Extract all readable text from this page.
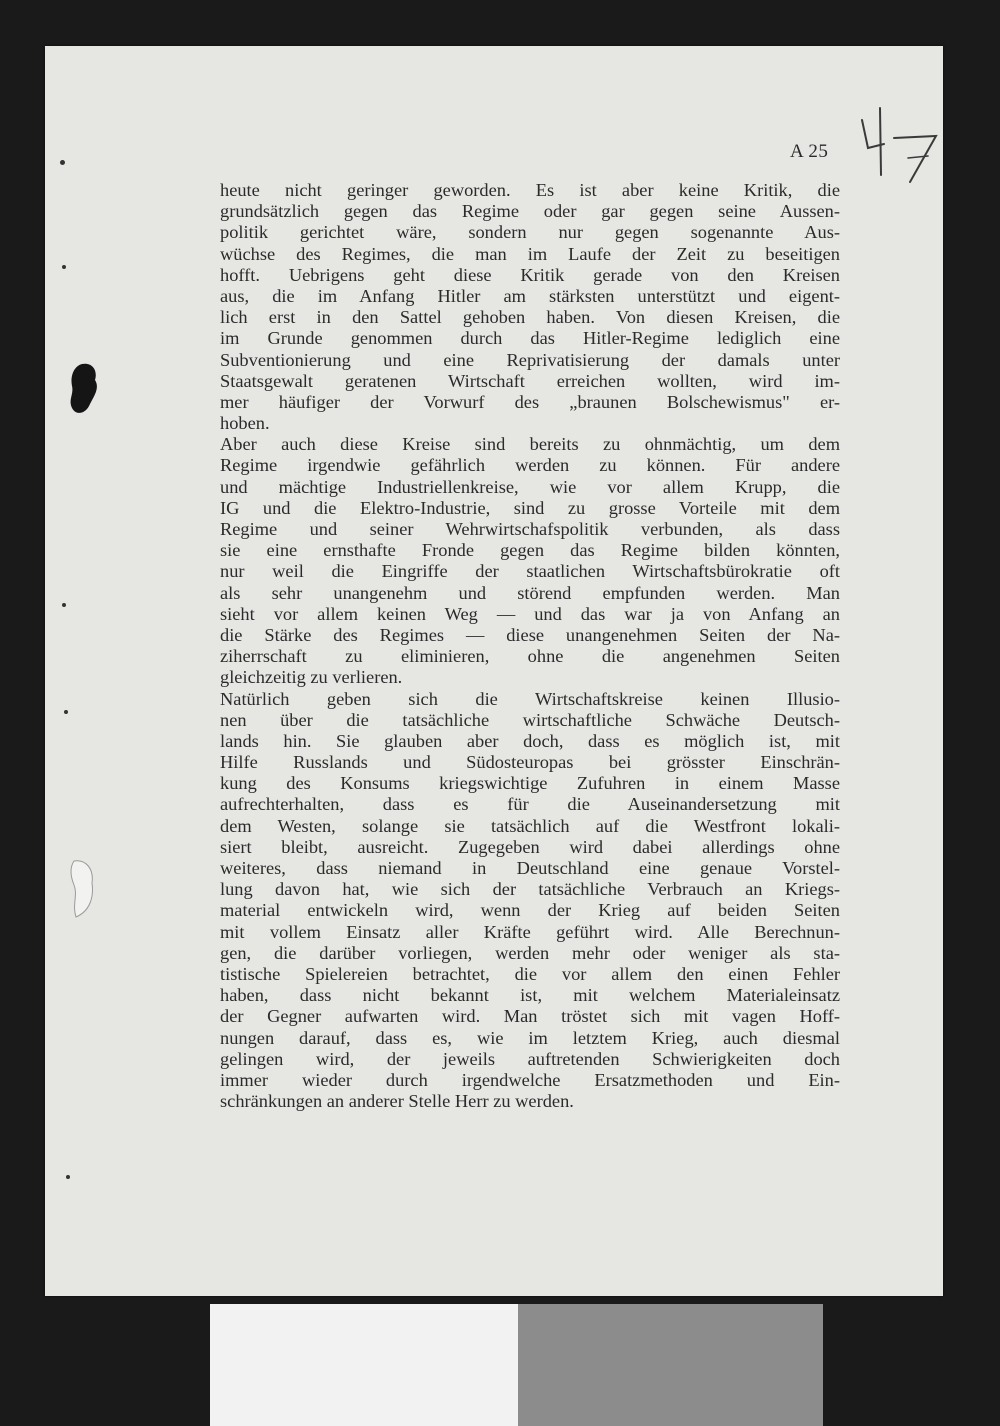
A 25
heute nicht geringer geworden. Es ist aber keine Kritik, die
grundsätzlich gegen das Regime oder gar gegen seine Aussen-
politik gerichtet wäre, sondern nur gegen sogenannte Aus-
wüchse des Regimes, die man im Laufe der Zeit zu beseitigen
hofft. Uebrigens geht diese Kritik gerade von den Kreisen
aus, die im Anfang Hitler am stärksten unterstützt und eigent-
lich erst in den Sattel gehoben haben. Von diesen Kreisen, die
im Grunde genommen durch das Hitler-Regime lediglich eine
Subventionierung und eine Reprivatisierung der damals unter
Staatsgewalt geratenen Wirtschaft erreichen wollten, wird im-
mer häufiger der Vorwurf des „braunen Bolschewismus" er-
hoben.
Aber auch diese Kreise sind bereits zu ohnmächtig, um dem
Regime irgendwie gefährlich werden zu können. Für andere
und mächtige Industriellenkreise, wie vor allem Krupp, die
IG und die Elektro-Industrie, sind zu grosse Vorteile mit dem
Regime und seiner Wehrwirtschafspolitik verbunden, als dass
sie eine ernsthafte Fronde gegen das Regime bilden könnten,
nur weil die Eingriffe der staatlichen Wirtschaftsbürokratie oft
als sehr unangenehm und störend empfunden werden. Man
sieht vor allem keinen Weg — und das war ja von Anfang an
die Stärke des Regimes — diese unangenehmen Seiten der Na-
ziherrschaft zu eliminieren, ohne die angenehmen Seiten
gleichzeitig zu verlieren.
Natürlich geben sich die Wirtschaftskreise keinen Illusio-
nen über die tatsächliche wirtschaftliche Schwäche Deutsch-
lands hin. Sie glauben aber doch, dass es möglich ist, mit
Hilfe Russlands und Südosteuropas bei grösster Einschrän-
kung des Konsums kriegswichtige Zufuhren in einem Masse
aufrechterhalten, dass es für die Auseinandersetzung mit
dem Westen, solange sie tatsächlich auf die Westfront lokali-
siert bleibt, ausreicht. Zugegeben wird dabei allerdings ohne
weiteres, dass niemand in Deutschland eine genaue Vorstel-
lung davon hat, wie sich der tatsächliche Verbrauch an Kriegs-
material entwickeln wird, wenn der Krieg auf beiden Seiten
mit vollem Einsatz aller Kräfte geführt wird. Alle Berechnun-
gen, die darüber vorliegen, werden mehr oder weniger als sta-
tistische Spielereien betrachtet, die vor allem den einen Fehler
haben, dass nicht bekannt ist, mit welchem Materialeinsatz
der Gegner aufwarten wird. Man tröstet sich mit vagen Hoff-
nungen darauf, dass es, wie im letztem Krieg, auch diesmal
gelingen wird, der jeweils auftretenden Schwierigkeiten doch
immer wieder durch irgendwelche Ersatzmethoden und Ein-
schränkungen an anderer Stelle Herr zu werden.
